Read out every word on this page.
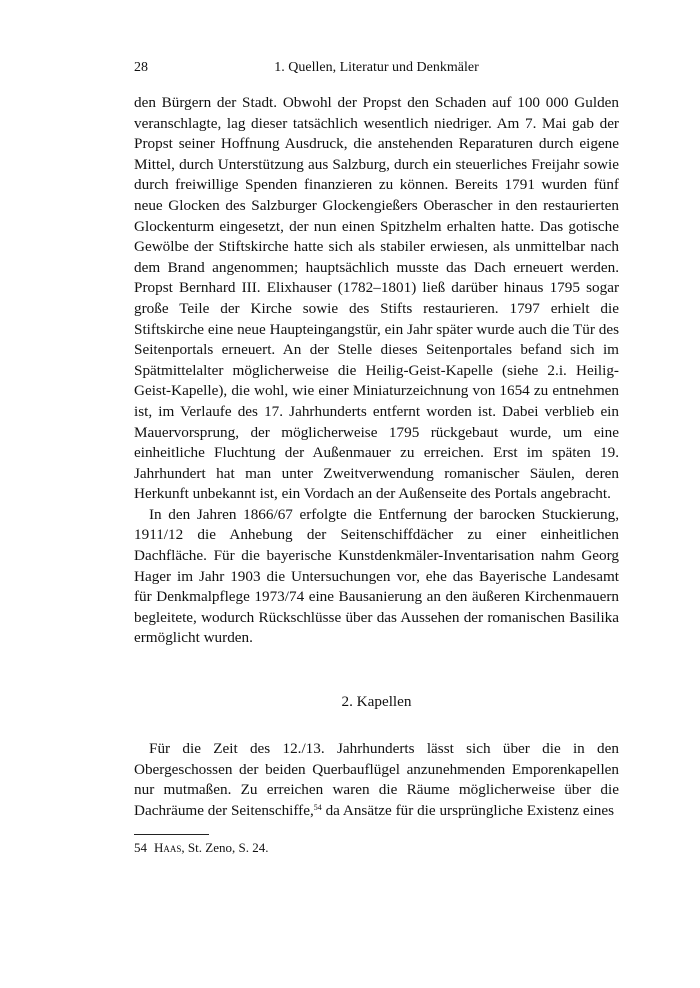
28	1. Quellen, Literatur und Denkmäler

den Bürgern der Stadt. Obwohl der Propst den Schaden auf 100 000 Gulden veranschlagte, lag dieser tatsächlich wesentlich niedriger. Am 7. Mai gab der Propst seiner Hoffnung Ausdruck, die anstehenden Reparaturen durch eigene Mittel, durch Unterstützung aus Salzburg, durch ein steuerliches Freijahr sowie durch freiwillige Spenden finanzieren zu können. Bereits 1791 wurden fünf neue Glocken des Salzburger Glockengießers Oberascher in den restaurierten Glockenturm eingesetzt, der nun einen Spitzhelm erhalten hatte. Das gotische Gewölbe der Stiftskirche hatte sich als stabiler erwiesen, als unmittelbar nach dem Brand angenommen; hauptsächlich musste das Dach erneuert werden. Propst Bernhard III. Elixhauser (1782–1801) ließ darüber hinaus 1795 sogar große Teile der Kirche sowie des Stifts restaurieren. 1797 erhielt die Stiftskirche eine neue Haupteingangstür, ein Jahr später wurde auch die Tür des Seitenportals erneuert. An der Stelle dieses Seitenportales befand sich im Spätmittelalter möglicherweise die Heilig-Geist-Kapelle (siehe 2.i. Heilig-Geist-Kapelle), die wohl, wie einer Miniaturzeichnung von 1654 zu entnehmen ist, im Verlaufe des 17. Jahrhunderts entfernt worden ist. Dabei verblieb ein Mauervorsprung, der möglicherweise 1795 rückgebaut wurde, um eine einheitliche Fluchtung der Außenmauer zu erreichen. Erst im späten 19. Jahrhundert hat man unter Zweitverwendung romanischer Säulen, deren Herkunft unbekannt ist, ein Vordach an der Außenseite des Portals angebracht.

In den Jahren 1866/67 erfolgte die Entfernung der barocken Stuckierung, 1911/12 die Anhebung der Seitenschiffdächer zu einer einheitlichen Dachfläche. Für die bayerische Kunstdenkmäler-Inventarisation nahm Georg Hager im Jahr 1903 die Untersuchungen vor, ehe das Bayerische Landesamt für Denkmalpflege 1973/74 eine Bausanierung an den äußeren Kirchenmauern begleitete, wodurch Rückschlüsse über das Aussehen der romanischen Basilika ermöglicht wurden.

2. Kapellen

Für die Zeit des 12./13. Jahrhunderts lässt sich über die in den Obergeschossen der beiden Querbauflügel anzunehmenden Emporenkapellen nur mutmaßen. Zu erreichen waren die Räume möglicherweise über die Dachräume der Seitenschiffe,$^{54}$ da Ansätze für die ursprüngliche Existenz eines

54 Haas, St. Zeno, S. 24.
